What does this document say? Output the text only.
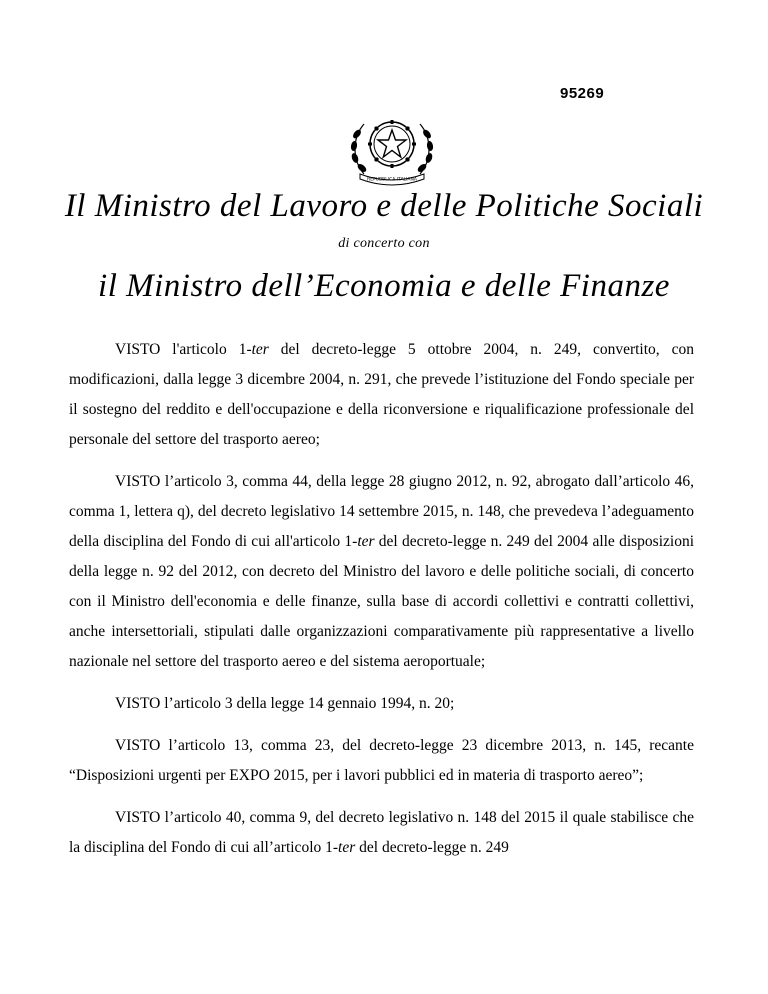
95269
REPUBBLICA ITALIANA
Il Ministro del Lavoro e delle Politiche Sociali
di concerto con
il Ministro dell’Economia e delle Finanze

VISTO l'articolo 1-ter del decreto-legge 5 ottobre 2004, n. 249, convertito, con modificazioni, dalla legge 3 dicembre 2004, n. 291, che prevede l’istituzione del Fondo speciale per il sostegno del reddito e dell'occupazione e della riconversione e riqualificazione professionale del personale del settore del trasporto aereo;

VISTO l’articolo 3, comma 44, della legge 28 giugno 2012, n. 92, abrogato dall’articolo 46, comma 1, lettera q), del decreto legislativo 14 settembre 2015, n. 148, che prevedeva l’adeguamento della disciplina del Fondo di cui all'articolo 1-ter del decreto-legge n. 249 del 2004 alle disposizioni della legge n. 92 del 2012, con decreto del Ministro del lavoro e delle politiche sociali, di concerto con il Ministro dell'economia e delle finanze, sulla base di accordi collettivi e contratti collettivi, anche intersettoriali, stipulati dalle organizzazioni comparativamente più rappresentative a livello nazionale nel settore del trasporto aereo e del sistema aeroportuale;

VISTO l’articolo 3 della legge 14 gennaio 1994, n. 20;

VISTO l’articolo 13, comma 23, del decreto-legge 23 dicembre 2013, n. 145, recante “Disposizioni urgenti per EXPO 2015, per i lavori pubblici ed in materia di trasporto aereo”;

VISTO l’articolo 40, comma 9, del decreto legislativo n. 148 del 2015 il quale stabilisce che la disciplina del Fondo di cui all’articolo 1-ter del decreto-legge n. 249
